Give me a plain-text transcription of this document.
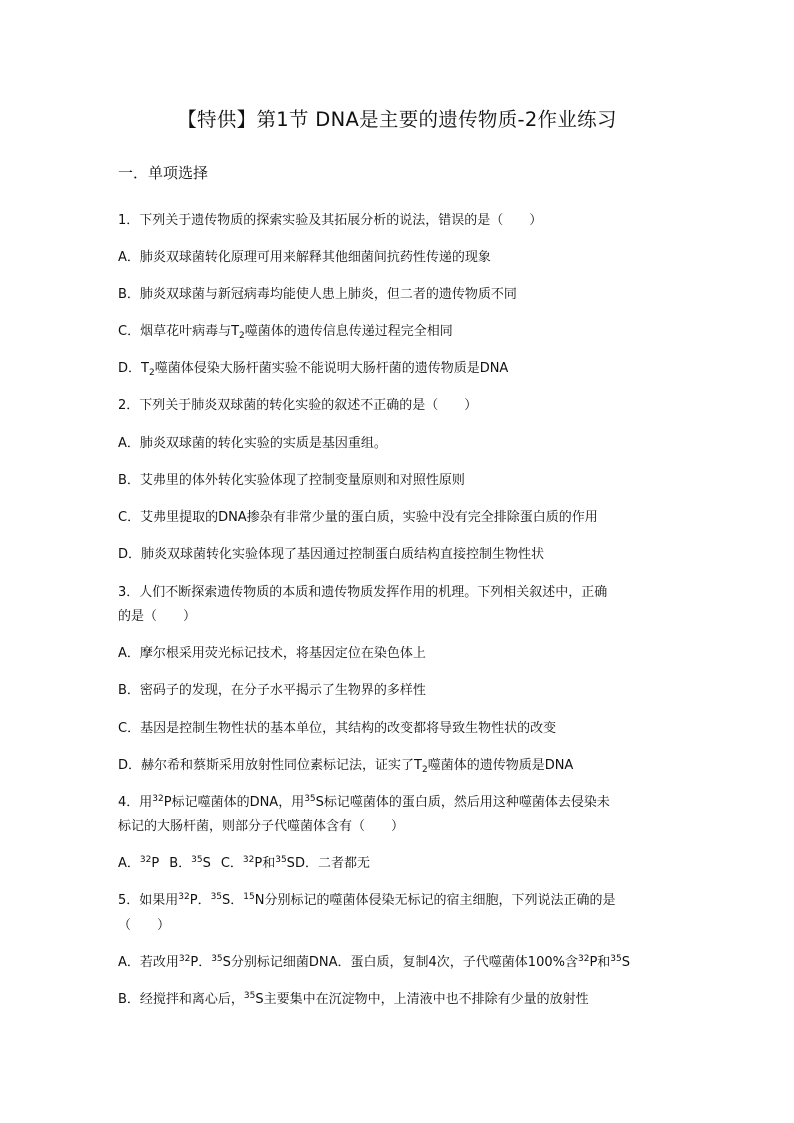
【特供】第1节 DNA是主要的遗传物质-2作业练习
一．单项选择
1．下列关于遗传物质的探索实验及其拓展分析的说法，错误的是（　　）
A．肺炎双球菌转化原理可用来解释其他细菌间抗药性传递的现象
B．肺炎双球菌与新冠病毒均能使人患上肺炎，但二者的遗传物质不同
C．烟草花叶病毒与$T_2$噬菌体的遗传信息传递过程完全相同
D．$T_2$噬菌体侵染大肠杆菌实验不能说明大肠杆菌的遗传物质是DNA
2．下列关于肺炎双球菌的转化实验的叙述不正确的是（　　）
A．肺炎双球菌的转化实验的实质是基因重组。
B．艾弗里的体外转化实验体现了控制变量原则和对照性原则
C．艾弗里提取的DNA掺杂有非常少量的蛋白质，实验中没有完全排除蛋白质的作用
D．肺炎双球菌转化实验体现了基因通过控制蛋白质结构直接控制生物性状
3．人们不断探索遗传物质的本质和遗传物质发挥作用的机理。下列相关叙述中，正确
的是（　　）
A．摩尔根采用荧光标记技术，将基因定位在染色体上
B．密码子的发现，在分子水平揭示了生物界的多样性
C．基因是控制生物性状的基本单位，其结构的改变都将导致生物性状的改变
D．赫尔希和蔡斯采用放射性同位素标记法，证实了$T_2$噬菌体的遗传物质是DNA
4．用$^{32}$P标记噬菌体的DNA，用$^{35}$S标记噬菌体的蛋白质，然后用这种噬菌体去侵染未
标记的大肠杆菌，则部分子代噬菌体含有（　　）
A．$^{32}$P B．$^{35}$S C．$^{32}$P和$^{35}$SD．二者都无
5．如果用$^{32}$P．$^{35}$S．$^{15}$N分别标记的噬菌体侵染无标记的宿主细胞，下列说法正确的是
（　　）
A．若改用$^{32}$P．$^{35}$S分别标记细菌DNA．蛋白质，复制4次，子代噬菌体100%含$^{32}$P和$^{35}$S
B．经搅拌和离心后，$^{35}$S主要集中在沉淀物中，上清液中也不排除有少量的放射性
